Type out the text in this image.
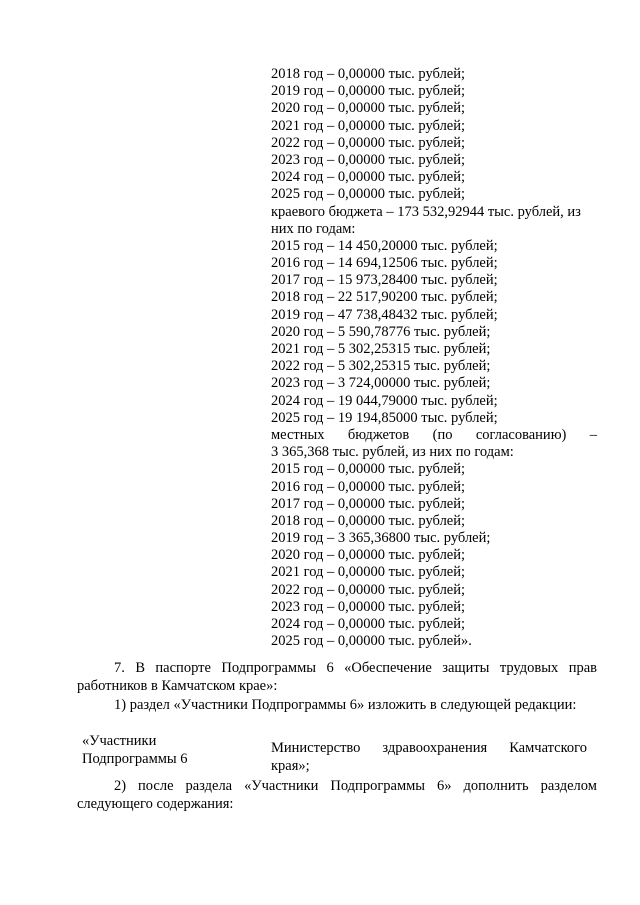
2018 год – 0,00000 тыс. рублей;
2019 год – 0,00000 тыс. рублей;
2020 год – 0,00000 тыс. рублей;
2021 год – 0,00000 тыс. рублей;
2022 год – 0,00000 тыс. рублей;
2023 год – 0,00000 тыс. рублей;
2024 год – 0,00000 тыс. рублей;
2025 год – 0,00000 тыс. рублей;
краевого бюджета – 173 532,92944 тыс. рублей, из
них по годам:
2015 год – 14 450,20000 тыс. рублей;
2016 год – 14 694,12506 тыс. рублей;
2017 год – 15 973,28400 тыс. рублей;
2018 год – 22 517,90200 тыс. рублей;
2019 год – 47 738,48432 тыс. рублей;
2020 год – 5 590,78776 тыс. рублей;
2021 год – 5 302,25315 тыс. рублей;
2022 год – 5 302,25315 тыс. рублей;
2023 год – 3 724,00000 тыс. рублей;
2024 год – 19 044,79000 тыс. рублей;
2025 год – 19 194,85000 тыс. рублей;
местных бюджетов (по согласованию) –
3 365,368 тыс. рублей, из них по годам:
2015 год – 0,00000 тыс. рублей;
2016 год – 0,00000 тыс. рублей;
2017 год – 0,00000 тыс. рублей;
2018 год – 0,00000 тыс. рублей;
2019 год – 3 365,36800 тыс. рублей;
2020 год – 0,00000 тыс. рублей;
2021 год – 0,00000 тыс. рублей;
2022 год – 0,00000 тыс. рублей;
2023 год – 0,00000 тыс. рублей;
2024 год – 0,00000 тыс. рублей;
2025 год – 0,00000 тыс. рублей».
7. В паспорте Подпрограммы 6 «Обеспечение защиты трудовых прав
работников в Камчатском крае»:
1) раздел «Участники Подпрограммы 6» изложить в следующей редакции:
«Участники
Подпрограммы 6
Министерство здравоохранения Камчатского
края»;
2) после раздела «Участники Подпрограммы 6» дополнить разделом
следующего содержания:
